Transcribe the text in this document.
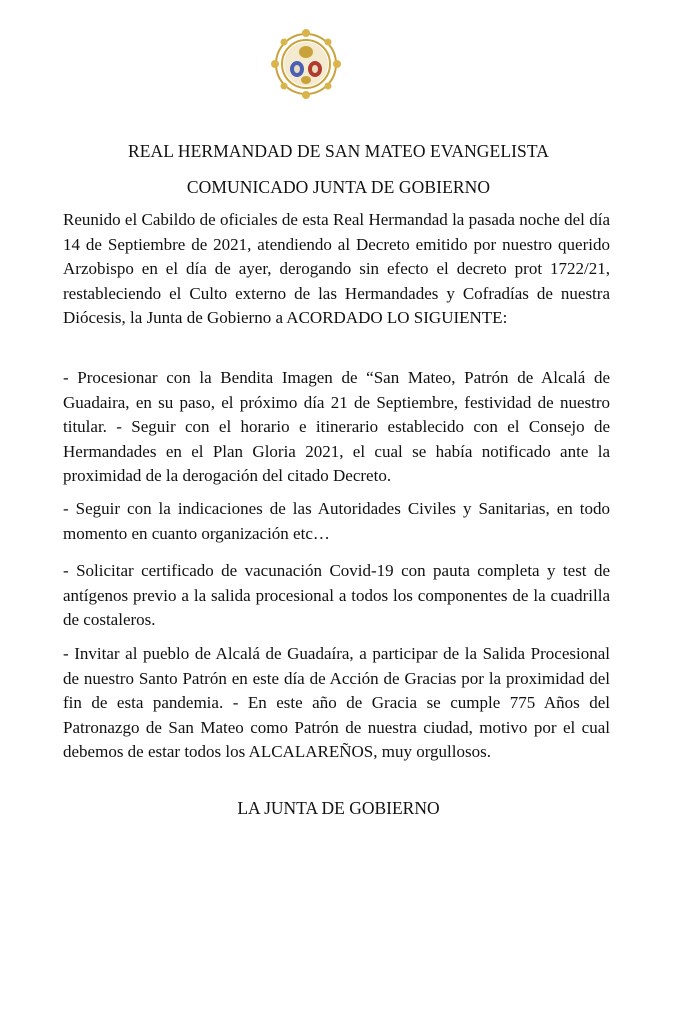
REAL HERMANDAD DE SAN MATEO EVANGELISTA
COMUNICADO JUNTA DE GOBIERNO

Reunido el Cabildo de oficiales de esta Real Hermandad la pasada noche del día 14 de Septiembre de 2021, atendiendo al Decreto emitido por nuestro querido Arzobispo en el día de ayer, derogando sin efecto el decreto prot 1722/21, restableciendo el Culto externo de las Hermandades y Cofradías de nuestra Diócesis, la Junta de Gobierno a ACORDADO LO SIGUIENTE:

- Procesionar con la Bendita Imagen de “San Mateo, Patrón de Alcalá de Guadaira, en su paso, el próximo día 21 de Septiembre, festividad de nuestro titular. - Seguir con el horario e itinerario establecido con el Consejo de Hermandades en el Plan Gloria 2021, el cual se había notificado ante la proximidad de la derogación del citado Decreto.

- Seguir con la indicaciones de las Autoridades Civiles y Sanitarias, en todo momento en cuanto organización etc…

- Solicitar certificado de vacunación Covid-19 con pauta completa y test de antígenos previo a la salida procesional a todos los componentes de la cuadrilla de costaleros.

- Invitar al pueblo de Alcalá de Guadaíra, a participar de la Salida Procesional de nuestro Santo Patrón en este día de Acción de Gracias por la proximidad del fin de esta pandemia. - En este año de Gracia se cumple 775 Años del Patronazgo de San Mateo como Patrón de nuestra ciudad, motivo por el cual debemos de estar todos los ALCALAREÑOS, muy orgullosos.

LA JUNTA DE GOBIERNO
